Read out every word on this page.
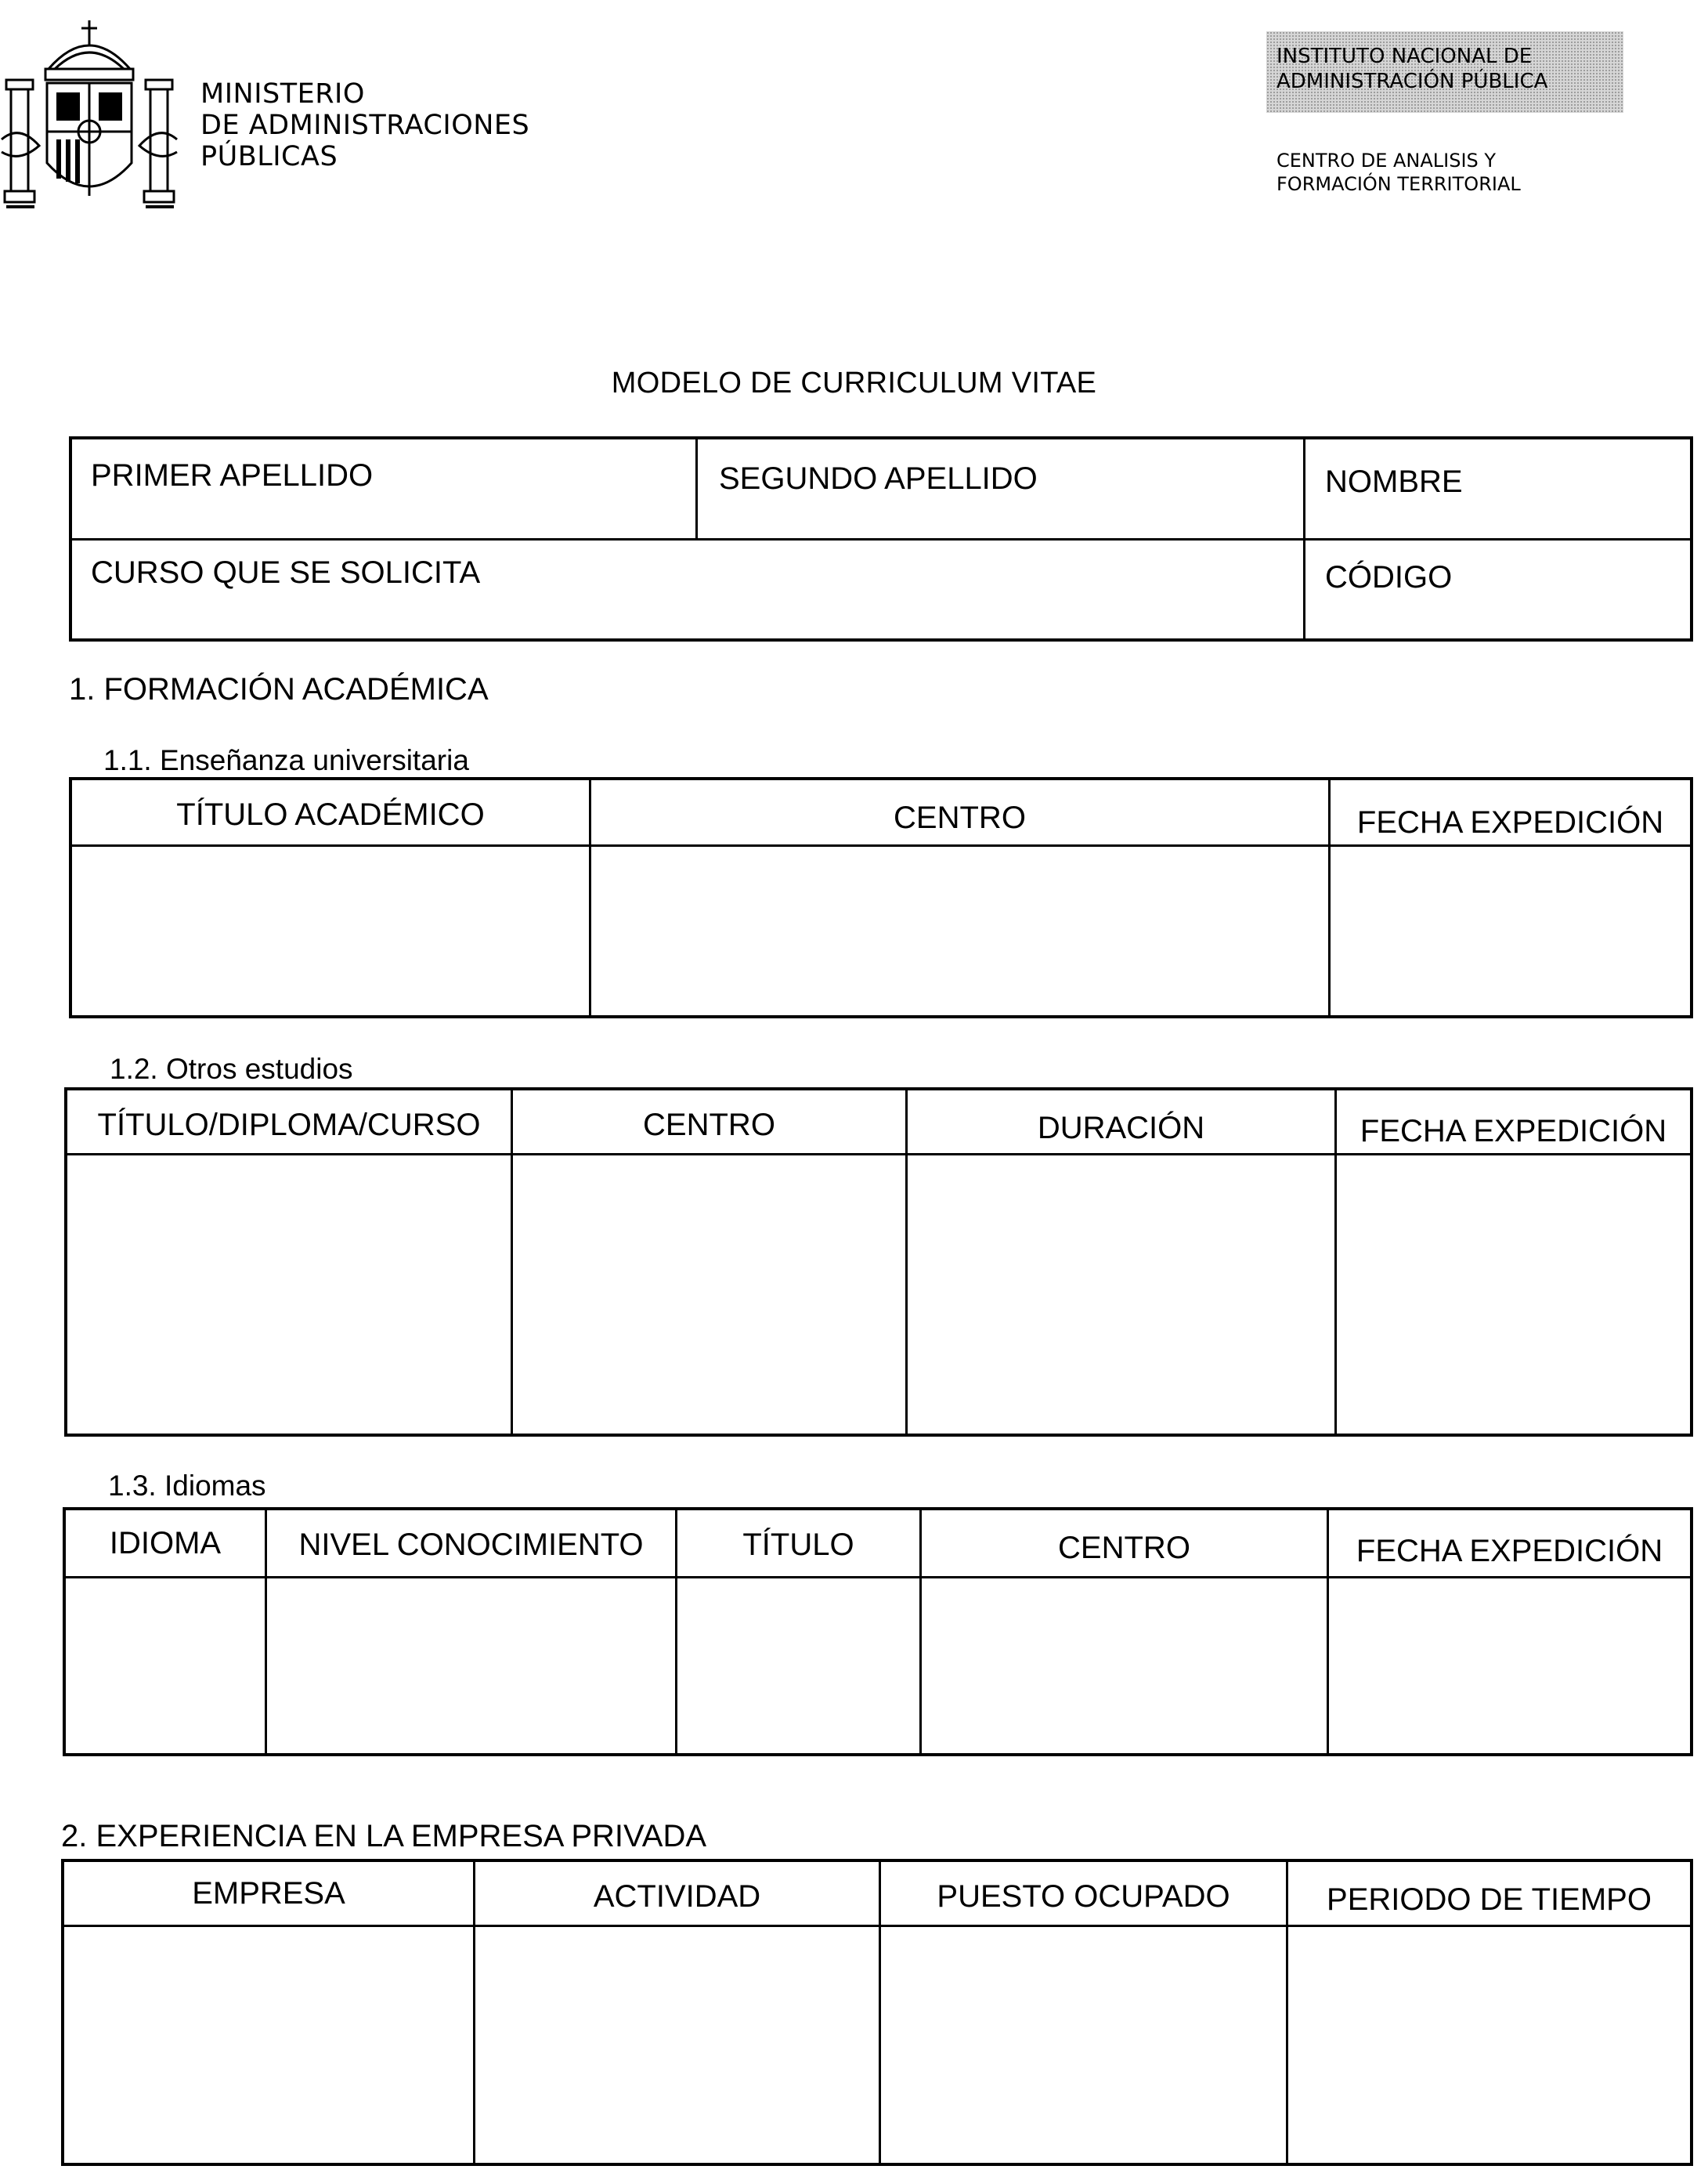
MINISTERIO
DE ADMINISTRACIONES
PÚBLICAS
INSTITUTO NACIONAL DE
ADMINISTRACIÓN PÚBLICA
CENTRO DE ANALISIS Y
FORMACIÓN TERRITORIAL
MODELO DE CURRICULUM VITAE
PRIMER APELLIDO	SEGUNDO APELLIDO	NOMBRE
CURSO QUE SE SOLICITA	CÓDIGO
1. FORMACIÓN ACADÉMICA
1.1. Enseñanza universitaria
TÍTULO ACADÉMICO	CENTRO	FECHA EXPEDICIÓN
1.2. Otros estudios
TÍTULO/DIPLOMA/CURSO	CENTRO	DURACIÓN	FECHA EXPEDICIÓN
1.3. Idiomas
IDIOMA	NIVEL CONOCIMIENTO	TÍTULO	CENTRO	FECHA EXPEDICIÓN
2. EXPERIENCIA EN LA EMPRESA PRIVADA
EMPRESA	ACTIVIDAD	PUESTO OCUPADO	PERIODO DE TIEMPO
